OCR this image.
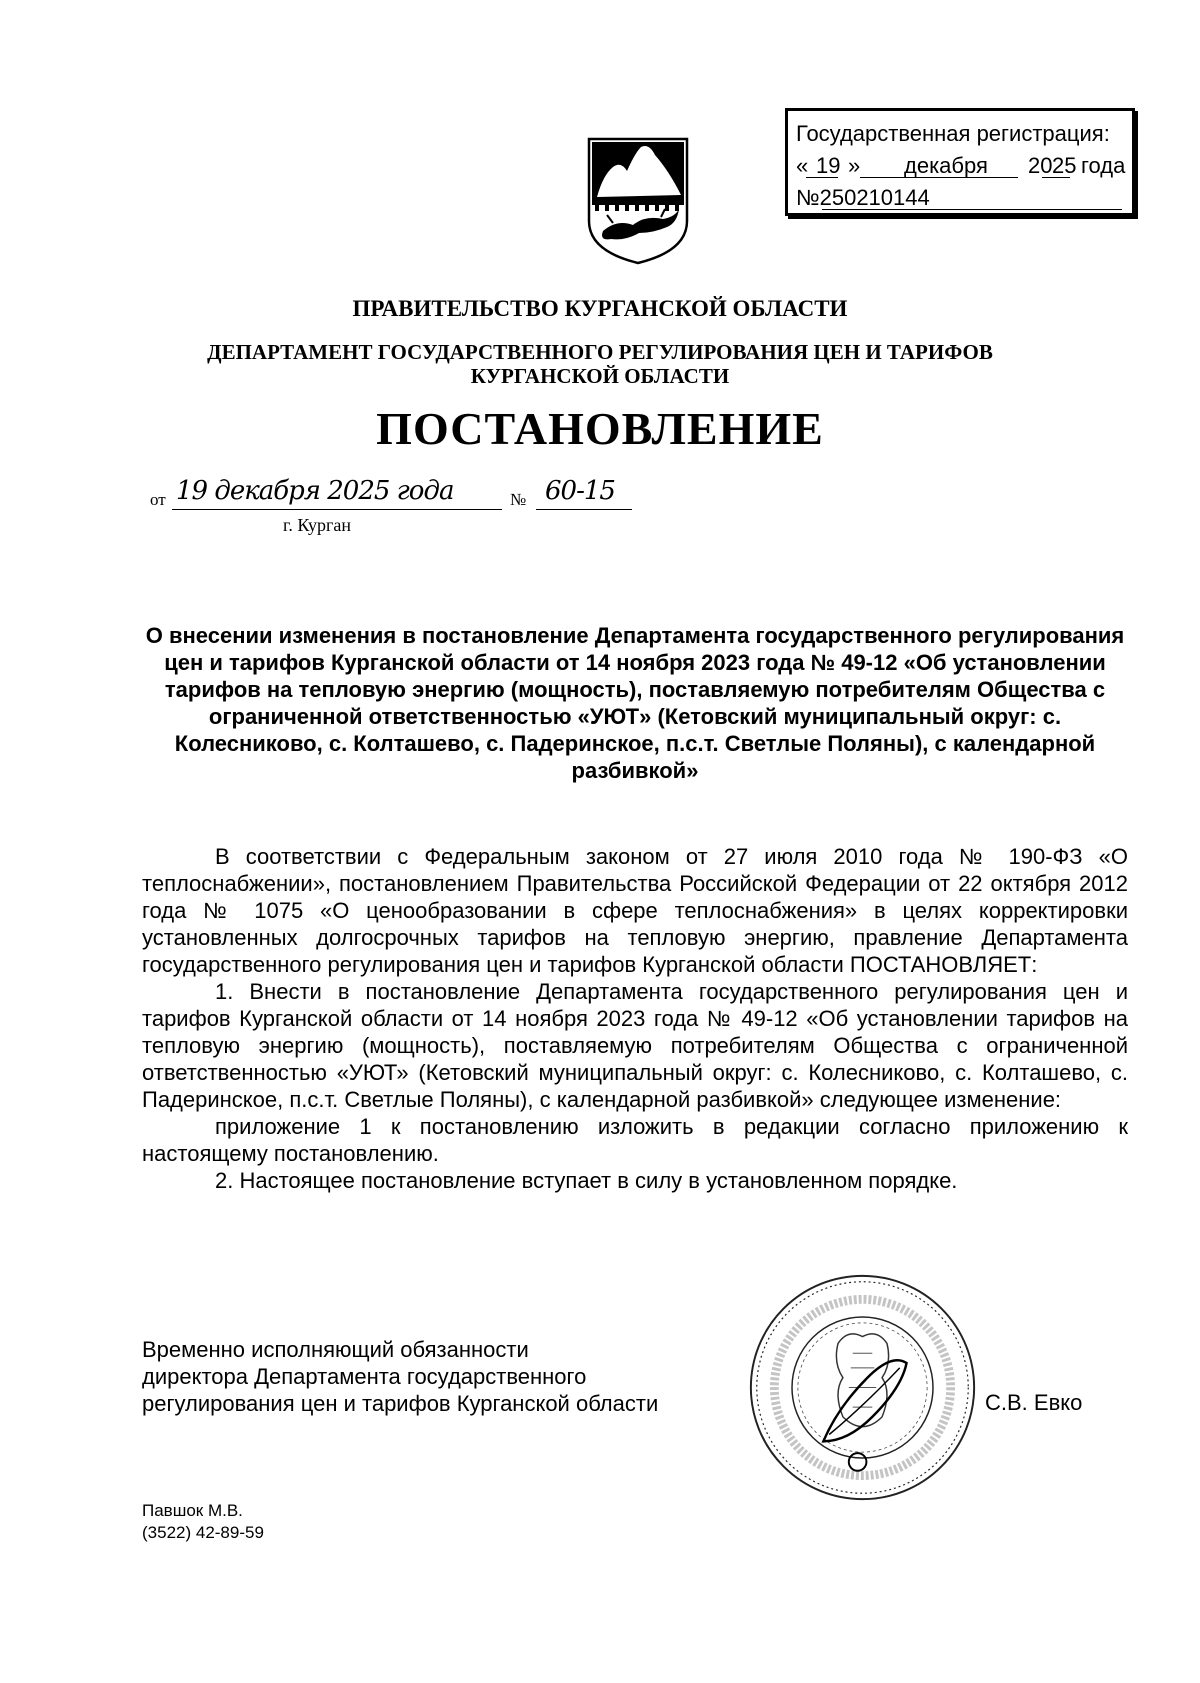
Государственная регистрация:
« 19 » декабря 20 25 года
№250210144
ПРАВИТЕЛЬСТВО КУРГАНСКОЙ ОБЛАСТИ
ДЕПАРТАМЕНТ ГОСУДАРСТВЕННОГО РЕГУЛИРОВАНИЯ ЦЕН И ТАРИФОВ
КУРГАНСКОЙ ОБЛАСТИ
ПОСТАНОВЛЕНИЕ
от 19 декабря 2025 года	№ 60-15
г. Курган
О внесении изменения в постановление Департамента государственного регулирования цен и тарифов Курганской области от 14 ноября 2023 года № 49-12 «Об установлении тарифов на тепловую энергию (мощность), поставляемую потребителям Общества с ограниченной ответственностью «УЮТ» (Кетовский муниципальный округ: с. Колесниково, с. Колташево, с. Падеринское, п.с.т. Светлые Поляны), с календарной разбивкой»

В соответствии с Федеральным законом от 27 июля 2010 года № 190-ФЗ «О теплоснабжении», постановлением Правительства Российской Федерации от 22 октября 2012 года № 1075 «О ценообразовании в сфере теплоснабжения» в целях корректировки установленных долгосрочных тарифов на тепловую энергию, правление Департамента государственного регулирования цен и тарифов Курганской области ПОСТАНОВЛЯЕТ:

1. Внести в постановление Департамента государственного регулирования цен и тарифов Курганской области от 14 ноября 2023 года № 49-12 «Об установлении тарифов на тепловую энергию (мощность), поставляемую потребителям Общества с ограниченной ответственностью «УЮТ» (Кетовский муниципальный округ: с. Колесниково, с. Колташево, с. Падеринское, п.с.т. Светлые Поляны), с календарной разбивкой» следующее изменение:

приложение 1 к постановлению изложить в редакции согласно приложению к настоящему постановлению.

2. Настоящее постановление вступает в силу в установленном порядке.

Временно исполняющий обязанности
директора Департамента государственного
регулирования цен и тарифов Курганской области	С.В. Евко
Павшок М.В.
(3522) 42-89-59
